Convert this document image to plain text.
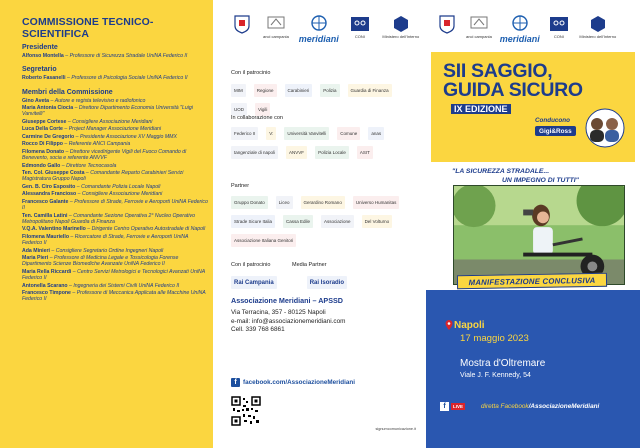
COMMISSIONE TECNICO-SCIENTIFICA
Presidente
Alfonso Montella – Professore di Sicurezza Stradale UniNA Federico II
Segretario
Roberto Fasanelli – Professore di Psicologia Sociale UniNA Federico II
Membri della Commissione
Gino Aveta – Autore e regista televisivo e radiofonico
Maria Antonia Ciocia – Direttore Dipartimento Economia Università "Luigi Vanvitelli"
Giuseppe Cortese – Consigliere Associazione Meridiani
Luca Della Corte – Project Manager Associazione Meridiani
Carmine De Gregorio – Presidente Associazione XV Maggio MMX
Rocco Di Filippo – Referente ANCI Campania
Filomena Donato – Direttore vicedirigente Vigili del Fuoco Comando di Benevento, socia e referente ANVVF
Edmondo Gallo – Direttore Tecnocasola
Ten. Col. Giuseppe Costa – Comandante Reparto Carabinieri Servizi Magistratura Gruppo Napoli
Gen. B. Ciro Esposito – Comandante Polizia Locale Napoli
Alessandra Francioso – Consigliere Associazione Meridiani
Francesco Galante – Professore di Strade, Ferrovie e Aeroporti UniNA Federico II
Ten. Camilla Latini – Comandante Sezione Operativa 2° Nucleo Operativo Metropolitano Napoli Guardia di Finanza
V.Q.A. Valentino Marinello – Dirigente Centro Operativo Autostradale di Napoli
Filomena Mauriello – Ricercatore di Strade, Ferrovie e Aeroporti UniNA Federico II
Ada Minieri – Consigliere Segretario Ordine Ingegneri Napoli
Maria Pieri – Professore di Medicina Legale e Tossicologia Forense Dipartimento Scienze Biomediche Avanzate UniNA Federico II
Maria Rella Riccardi – Centro Servizi Metrologici e Tecnologici Avanzati UniNA Federico II
Antonella Scarano – Ingegneria dei Sistemi Civili UniNA Federico II
Francesco Timpone – Professore di Meccanica Applicata alle Macchine UniNA Federico II
anci campania meridiani	CONI	Ministero dell'Interno
Con il patrocinio
MIM	Regione	Carabinieri	Polizia	Guardia di Finanza
UOD	Vigili
In collaborazione con
Federico II	V:	Università Vanvitelli	Comune	anas
tangenziale di napoli	ANVVF	Polizia Locale	ASIT
Partner
Gruppo Donato	Liceo	Gerardino Romano	Universo Humanitas
Strade Sicure Italia	Cassa Edile	Associazione	Del Volturno
Associazione Italiana Genitori
Con il patrocinio	Media Partner
Rai Campania	Rai Isoradio
Associazione Meridiani – APSSD
Via Terracina, 357 - 80125 Napoli
e-mail: info@associazionemeridiani.com
Cell. 339 768 6861
f	facebook.com/AssociazioneMeridiani
signumcomunicazione.it
anci campania meridiani	CONI	Ministero dell'Interno
SII SAGGIO,
GUIDA SICURO
IX EDIZIONE
Conducono
Gigi&Ross
"LA SICUREZZA STRADALE...
UN IMPEGNO DI TUTTI"
MANIFESTAZIONE CONCLUSIVA
Napoli
17 maggio 2023
Mostra d'Oltremare
Viale J. F. Kennedy, 54
f	LIVE	diretta Facebook/AssociazioneMeridiani
